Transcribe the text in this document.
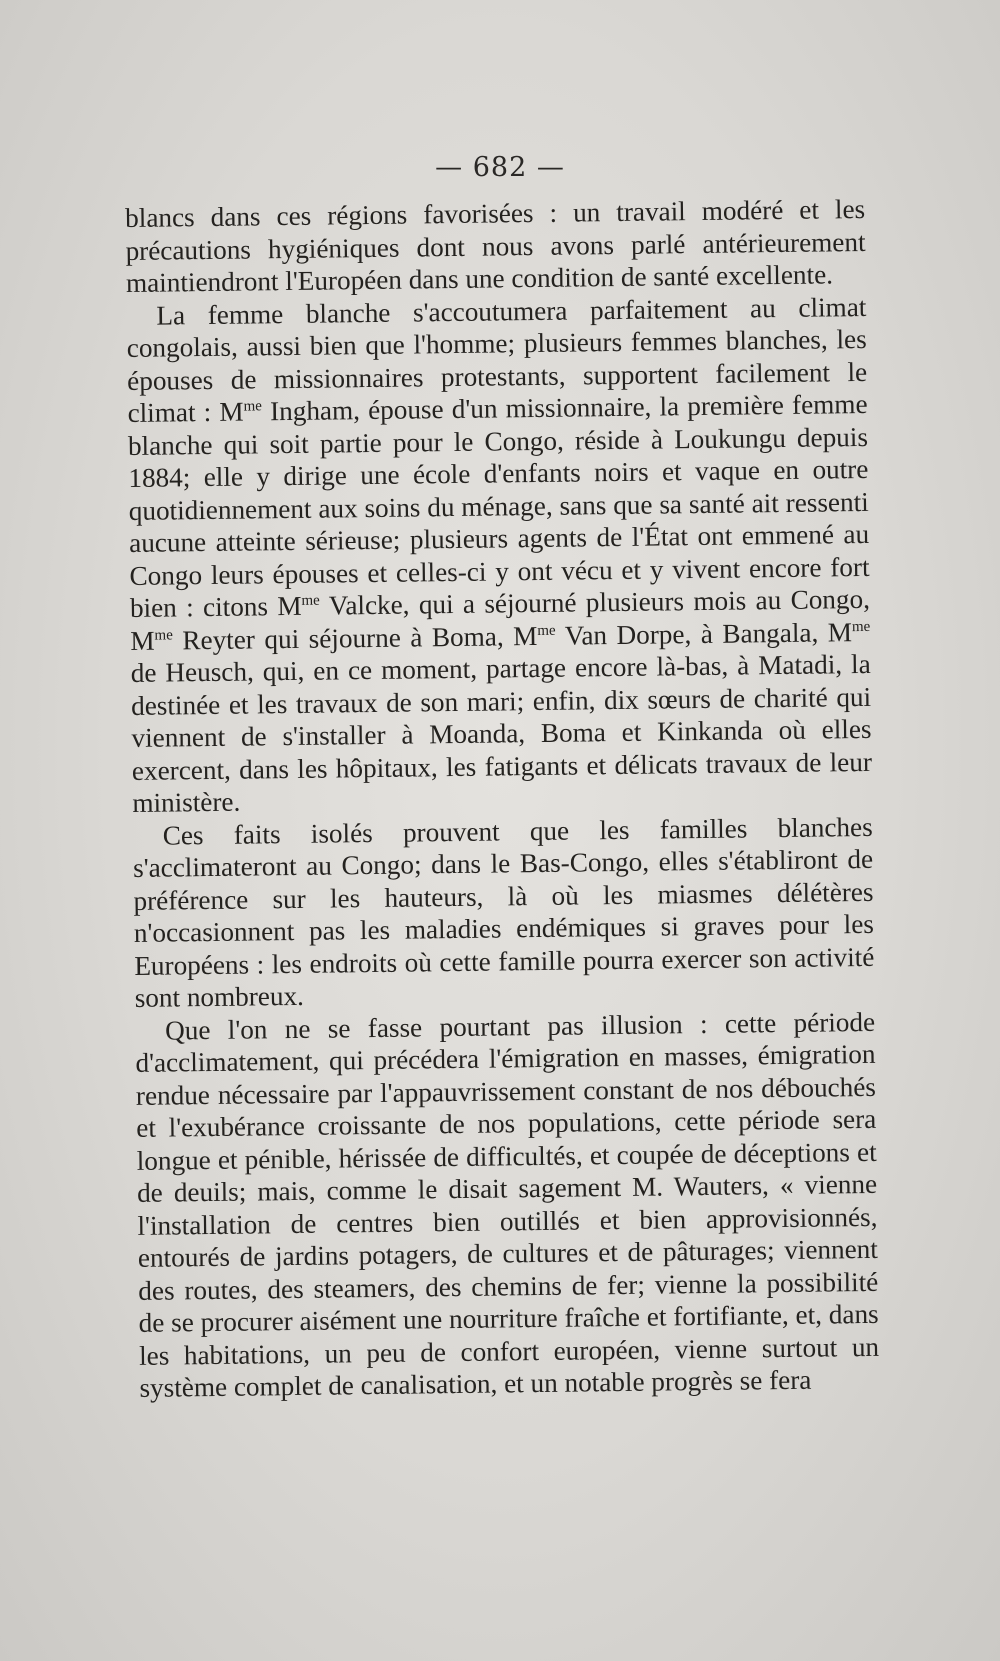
— 682 —

blancs dans ces régions favorisées : un travail modéré et les précautions hygiéniques dont nous avons parlé antérieurement maintiendront l'Européen dans une condition de santé excellente.

La femme blanche s'accoutumera parfaitement au climat congolais, aussi bien que l'homme; plusieurs femmes blanches, les épouses de missionnaires protestants, supportent facilement le climat : $M^{me}$ Ingham, épouse d'un missionnaire, la première femme blanche qui soit partie pour le Congo, réside à Loukungu depuis 1884; elle y dirige une école d'enfants noirs et vaque en outre quotidiennement aux soins du ménage, sans que sa santé ait ressenti aucune atteinte sérieuse; plusieurs agents de l'État ont emmené au Congo leurs épouses et celles-ci y ont vécu et y vivent encore fort bien : citons $M^{me}$ Valcke, qui a séjourné plusieurs mois au Congo, $M^{me}$ Reyter qui séjourne à Boma, $M^{me}$ Van Dorpe, à Bangala, $M^{me}$ de Heusch, qui, en ce moment, partage encore là-bas, à Matadi, la destinée et les travaux de son mari; enfin, dix sœurs de charité qui viennent de s'installer à Moanda, Boma et Kinkanda où elles exercent, dans les hôpitaux, les fatigants et délicats travaux de leur ministère.

Ces faits isolés prouvent que les familles blanches s'acclimateront au Congo; dans le Bas-Congo, elles s'établiront de préférence sur les hauteurs, là où les miasmes délétères n'occasionnent pas les maladies endémiques si graves pour les Européens : les endroits où cette famille pourra exercer son activité sont nombreux.

Que l'on ne se fasse pourtant pas illusion : cette période d'acclimatement, qui précédera l'émigration en masses, émigration rendue nécessaire par l'appauvrissement constant de nos débouchés et l'exubérance croissante de nos populations, cette période sera longue et pénible, hérissée de difficultés, et coupée de déceptions et de deuils; mais, comme le disait sagement M. Wauters, « vienne l'installation de centres bien outillés et bien approvisionnés, entourés de jardins potagers, de cultures et de pâturages; viennent des routes, des steamers, des chemins de fer; vienne la possibilité de se procurer aisément une nourriture fraîche et fortifiante, et, dans les habitations, un peu de confort européen, vienne surtout un système complet de canalisation, et un notable progrès se fera
